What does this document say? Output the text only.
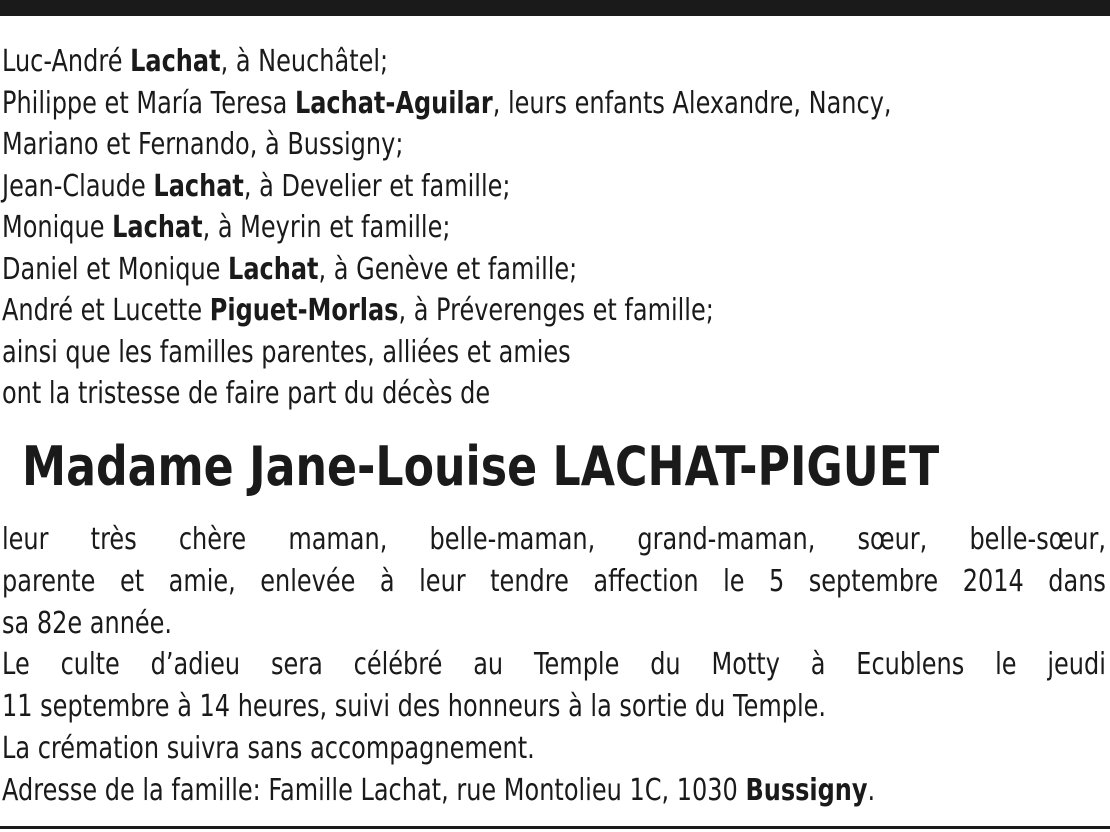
Luc-André Lachat, à Neuchâtel;
Philippe et María Teresa Lachat-Aguilar, leurs enfants Alexandre, Nancy,
Mariano et Fernando, à Bussigny;
Jean-Claude Lachat, à Develier et famille;
Monique Lachat, à Meyrin et famille;
Daniel et Monique Lachat, à Genève et famille;
André et Lucette Piguet-Morlas, à Préverenges et famille;
ainsi que les familles parentes, alliées et amies
ont la tristesse de faire part du décès de
Madame Jane-Louise LACHAT-PIGUET
leur très chère maman, belle-maman, grand-maman, sœur, belle-sœur,
parente et amie, enlevée à leur tendre affection le 5 septembre 2014 dans
sa 82e année.
Le culte d’adieu sera célébré au Temple du Motty à Ecublens le jeudi
11 septembre à 14 heures, suivi des honneurs à la sortie du Temple.
La crémation suivra sans accompagnement.
Adresse de la famille: Famille Lachat, rue Montolieu 1C, 1030 Bussigny.
